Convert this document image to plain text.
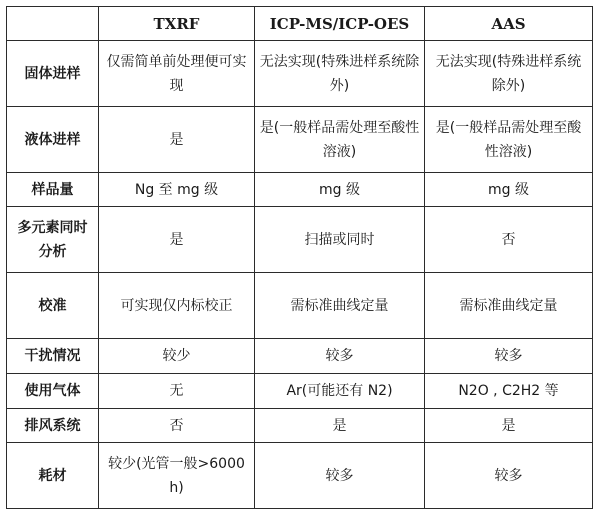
	TXRF	ICP-MS/ICP-OES	AAS
固体进样	仅需简单前处理便可实现	无法实现(特殊进样系统除外)	无法实现(特殊进样系统除外)
液体进样	是	是(一般样品需处理至酸性溶液)	是(一般样品需处理至酸性溶液)
样品量	Ng 至 mg 级	mg 级	mg 级
多元素同时分析	是	扫描或同时	否
校准	可实现仅内标校正	需标准曲线定量	需标准曲线定量
干扰情况	较少	较多	较多
使用气体	无	Ar(可能还有 N2)	N2O , C2H2 等
排风系统	否	是	是
耗材	较少(光管一般>6000 h)	较多	较多
